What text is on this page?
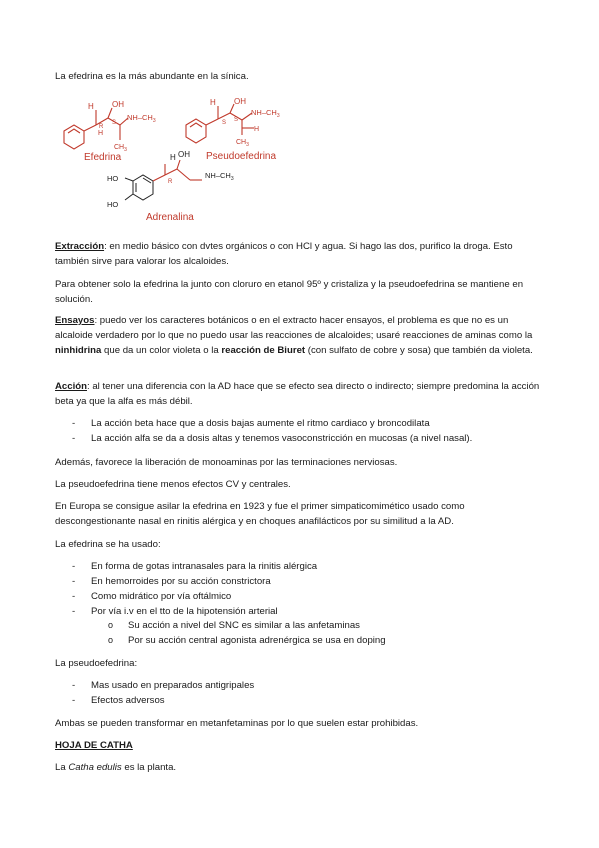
La efedrina es la más abundante en la sínica.

H OH
R
S
$NH-CH_3$
H
$CH_3$
Efedrina
H OH
S S
$NH-CH_3$
H
$CH_3$
Pseudoefedrina
H OH
R
$NH-CH_3$
HO
HO
Adrenalina

Extracción: en medio básico con dvtes orgánicos o con HCl y agua. Si hago las dos, purifico la droga. Esto también sirve para valorar los alcaloides.

Para obtener solo la efedrina la junto con cloruro en etanol 95º y cristaliza y la pseudoefedrina se mantiene en solución.

Ensayos: puedo ver los caracteres botánicos o en el extracto hacer ensayos, el problema es que no es un alcaloide verdadero por lo que no puedo usar las reacciones de alcaloides; usaré reacciones de aminas como la ninhidrina que da un color violeta o la reacción de Biuret (con sulfato de cobre y sosa) que también da violeta.

Acción: al tener una diferencia con la AD hace que se efecto sea directo o indirecto; siempre predomina la acción beta ya que la alfa es más débil.

- La acción beta hace que a dosis bajas aumente el ritmo cardiaco y broncodilata
- La acción alfa se da a dosis altas y tenemos vasoconstricción en mucosas (a nivel nasal).

Además, favorece la liberación de monoaminas por las terminaciones nerviosas.

La pseudoefedrina tiene menos efectos CV y centrales.

En Europa se consigue asilar la efedrina en 1923 y fue el primer simpaticomimético usado como descongestionante nasal en rinitis alérgica y en choques anafilácticos por su similitud a la AD.

La efedrina se ha usado:

- En forma de gotas intranasales para la rinitis alérgica
- En hemorroides por su acción constrictora
- Como midrático por vía oftálmico
- Por vía i.v en el tto de la hipotensión arterial
o Su acción a nivel del SNC es similar a las anfetaminas
o Por su acción central agonista adrenérgica se usa en doping

La pseudoefedrina:

- Mas usado en preparados antigripales
- Efectos adversos

Ambas se pueden transformar en metanfetaminas por lo que suelen estar prohibidas.

HOJA DE CATHA

La Catha edulis es la planta.
